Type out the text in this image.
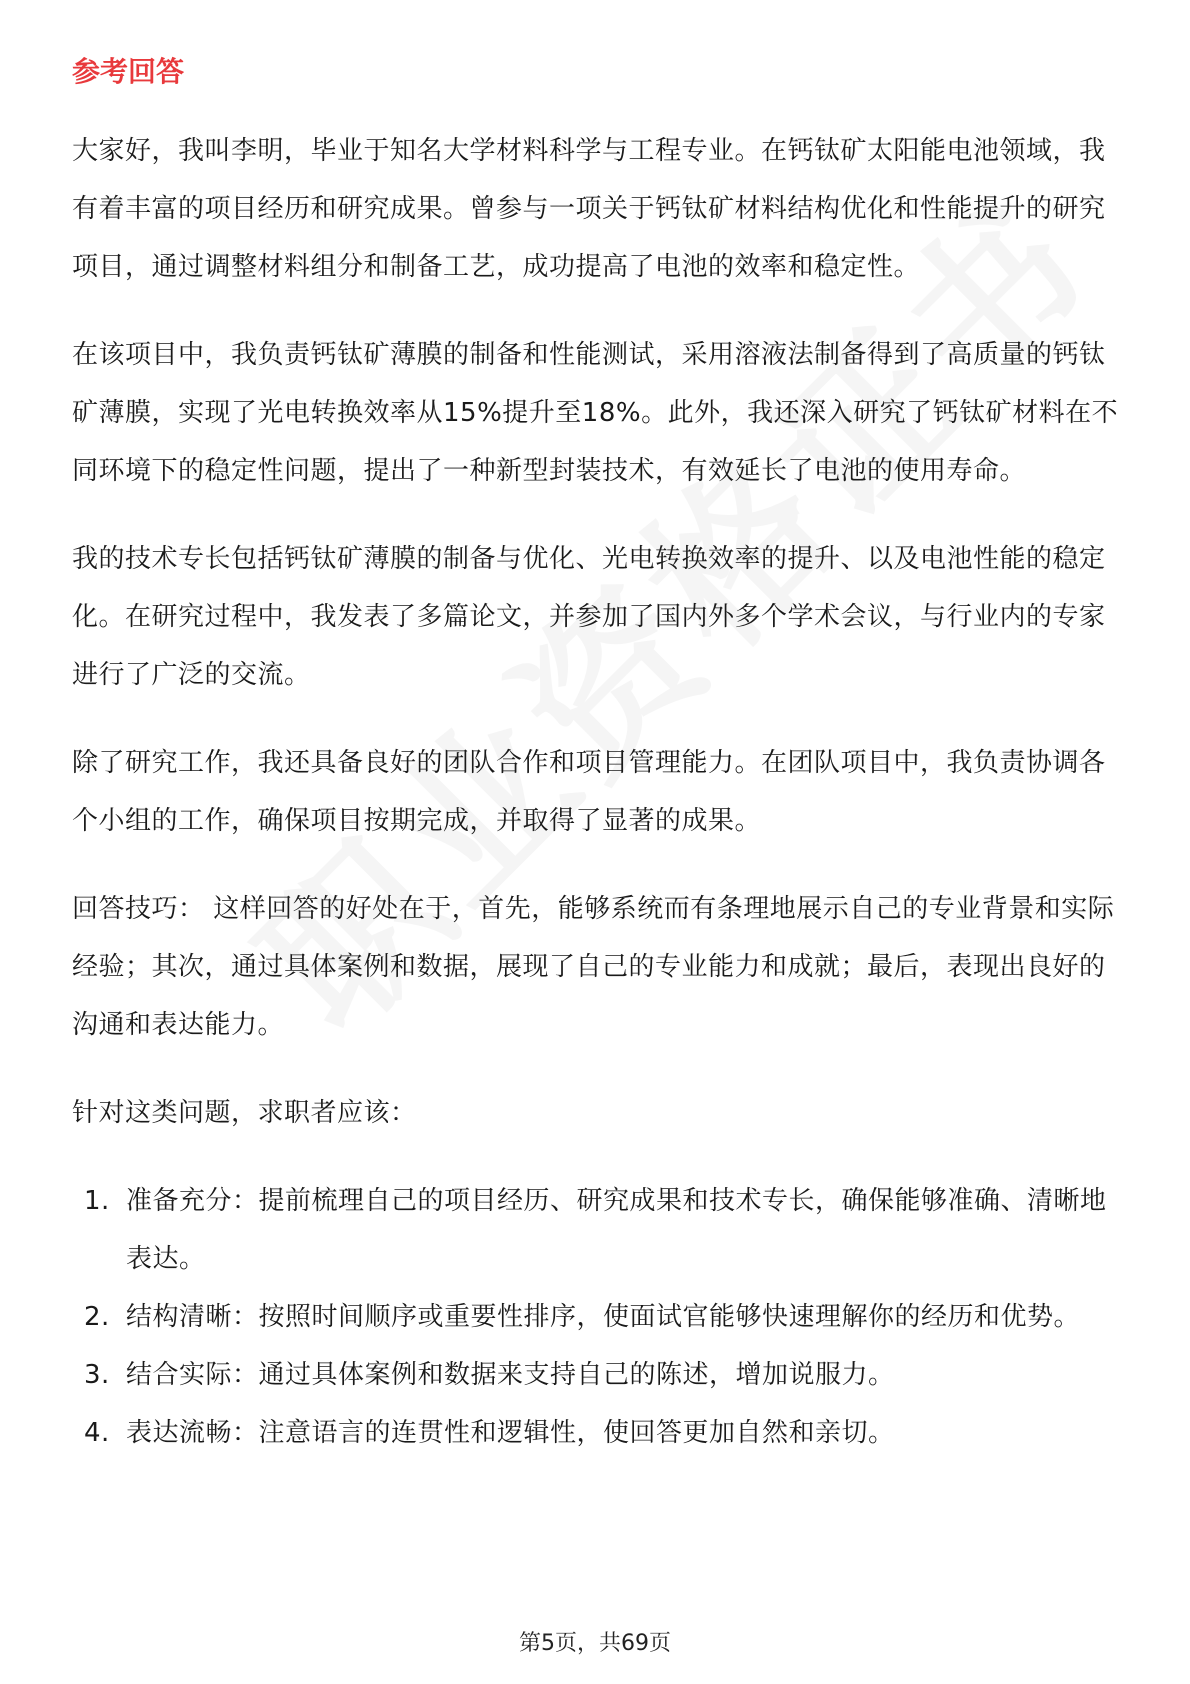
参考回答

大家好，我叫李明，毕业于知名大学材料科学与工程专业。在钙钛矿太阳能电池领域，我有着丰富的项目经历和研究成果。曾参与一项关于钙钛矿材料结构优化和性能提升的研究项目，通过调整材料组分和制备工艺，成功提高了电池的效率和稳定性。

在该项目中，我负责钙钛矿薄膜的制备和性能测试，采用溶液法制备得到了高质量的钙钛矿薄膜，实现了光电转换效率从15%提升至18%。此外，我还深入研究了钙钛矿材料在不同环境下的稳定性问题，提出了一种新型封装技术，有效延长了电池的使用寿命。

我的技术专长包括钙钛矿薄膜的制备与优化、光电转换效率的提升、以及电池性能的稳定化。在研究过程中，我发表了多篇论文，并参加了国内外多个学术会议，与行业内的专家进行了广泛的交流。

除了研究工作，我还具备良好的团队合作和项目管理能力。在团队项目中，我负责协调各个小组的工作，确保项目按期完成，并取得了显著的成果。

回答技巧： 这样回答的好处在于，首先，能够系统而有条理地展示自己的专业背景和实际经验；其次，通过具体案例和数据，展现了自己的专业能力和成就；最后，表现出良好的沟通和表达能力。

针对这类问题，求职者应该：

1. 准备充分：提前梳理自己的项目经历、研究成果和技术专长，确保能够准确、清晰地表达。
2. 结构清晰：按照时间顺序或重要性排序，使面试官能够快速理解你的经历和优势。
3. 结合实际：通过具体案例和数据来支持自己的陈述，增加说服力。
4. 表达流畅：注意语言的连贯性和逻辑性，使回答更加自然和亲切。
第5页，共69页
